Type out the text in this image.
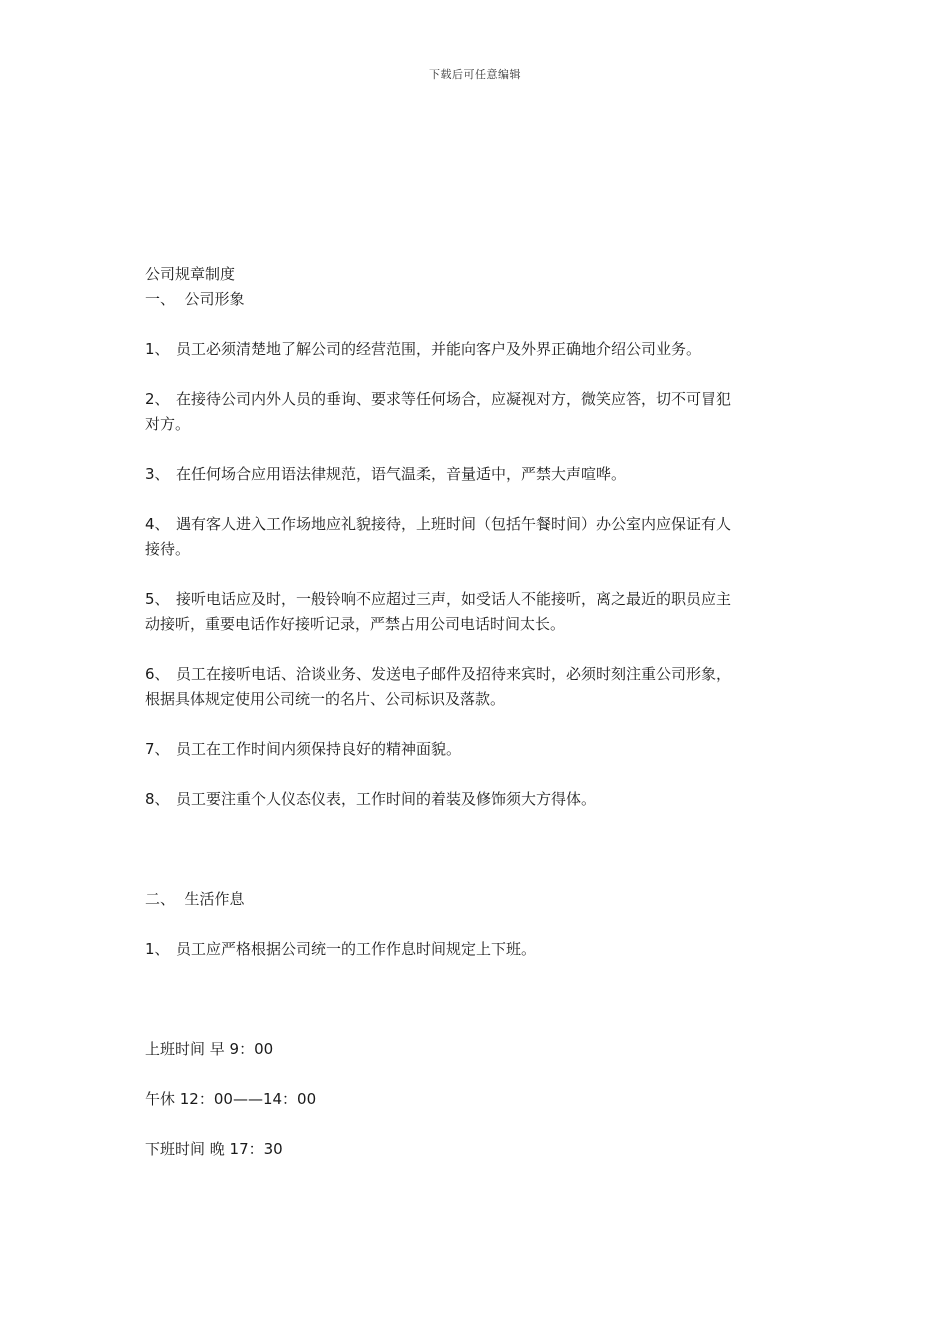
下载后可任意编辑
公司规章制度
一、  公司形象

1、 员工必须清楚地了解公司的经营范围，并能向客户及外界正确地介绍公司业务。

2、 在接待公司内外人员的垂询、要求等任何场合，应凝视对方，微笑应答，切不可冒犯

对方。

3、 在任何场合应用语法律规范，语气温柔，音量适中，严禁大声喧哗。

4、 遇有客人进入工作场地应礼貌接待，上班时间（包括午餐时间）办公室内应保证有人

接待。

5、 接听电话应及时，一般铃响不应超过三声，如受话人不能接听，离之最近的职员应主

动接听，重要电话作好接听记录，严禁占用公司电话时间太长。

6、 员工在接听电话、洽谈业务、发送电子邮件及招待来宾时，必须时刻注重公司形象，

根据具体规定使用公司统一的名片、公司标识及落款。

7、 员工在工作时间内须保持良好的精神面貌。

8、 员工要注重个人仪态仪表，工作时间的着装及修饰须大方得体。

二、  生活作息

1、 员工应严格根据公司统一的工作作息时间规定上下班。

上班时间 早 9：00

午休 12：00——14：00

下班时间 晚 17：30
